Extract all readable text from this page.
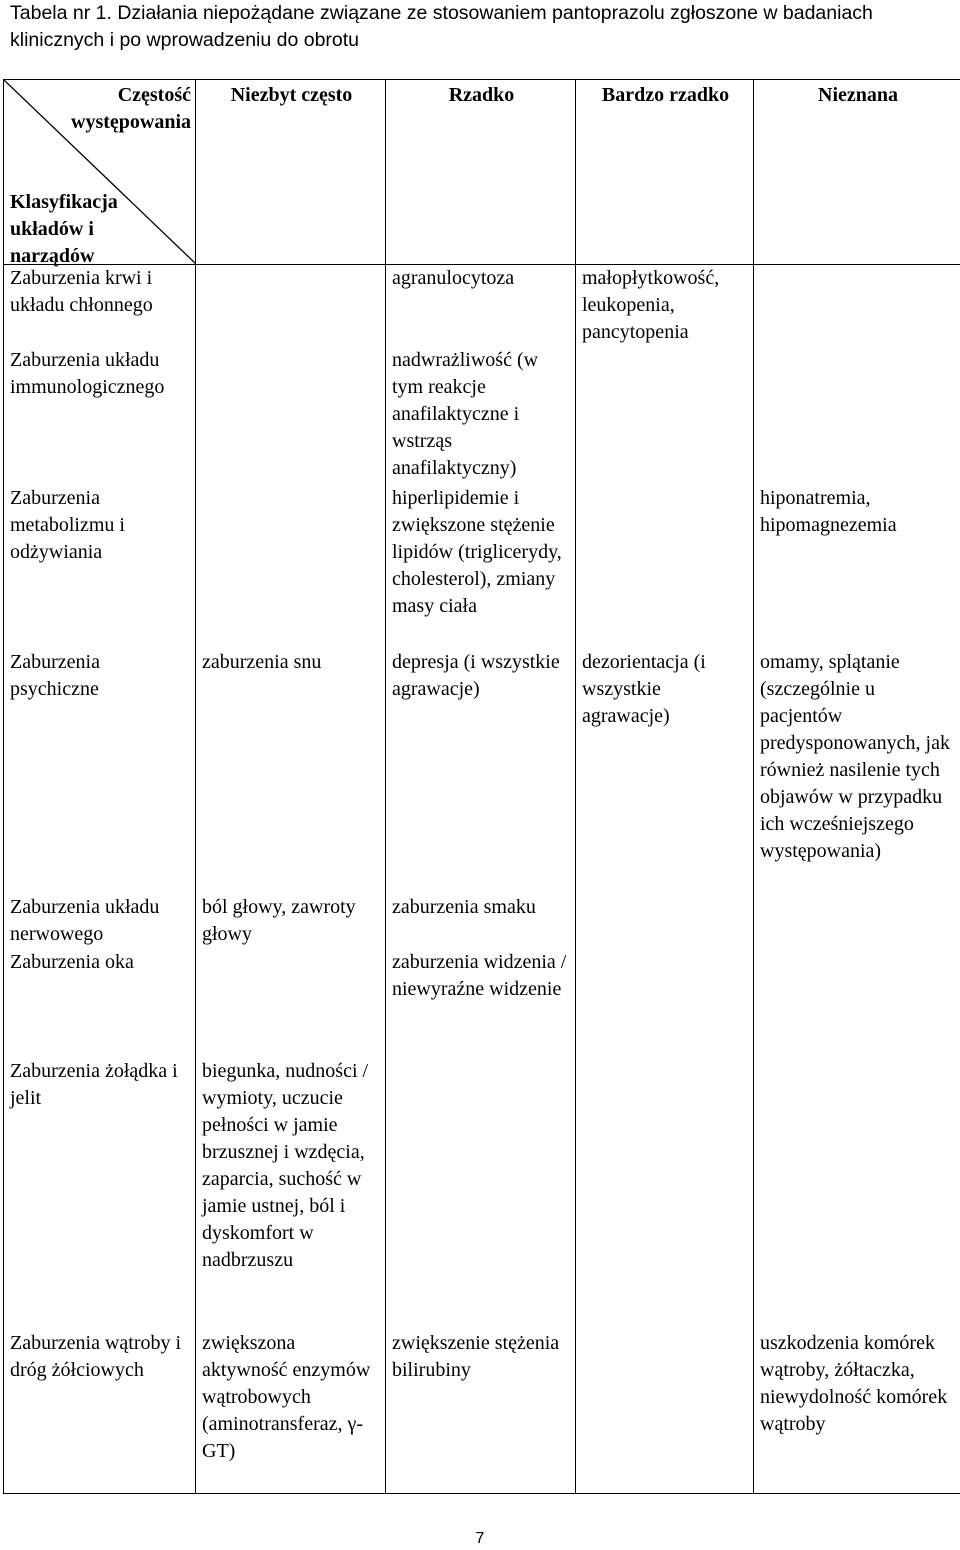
Tabela nr 1. Działania niepożądane związane ze stosowaniem pantoprazolu zgłoszone w badaniach klinicznych i po wprowadzeniu do obrotu
Częstość występowania
Klasyfikacja układów i narządów	Niezbyt często	Rzadko	Bardzo rzadko	Nieznana
Zaburzenia krwi i układu chłonnego		agranulocytoza	małopłytkowość, leukopenia, pancytopenia	
Zaburzenia układu immunologicznego		nadwrażliwość (w tym reakcje anafilaktyczne i wstrząs anafilaktyczny)		
Zaburzenia metabolizmu i odżywiania		hiperlipidemie i zwiększone stężenie lipidów (triglicerydy, cholesterol), zmiany masy ciała		hiponatremia, hipomagnezemia
Zaburzenia psychiczne	zaburzenia snu	depresja (i wszystkie agrawacje)	dezorientacja (i wszystkie agrawacje)	omamy, splątanie (szczególnie u pacjentów predysponowanych, jak również nasilenie tych objawów w przypadku ich wcześniejszego występowania)
Zaburzenia układu nerwowego	ból głowy, zawroty głowy	zaburzenia smaku		
Zaburzenia oka		zaburzenia widzenia / niewyraźne widzenie		
Zaburzenia żołądka i jelit	biegunka, nudności / wymioty, uczucie pełności w jamie brzusznej i wzdęcia, zaparcia, suchość w jamie ustnej, ból i dyskomfort w nadbrzuszu			
Zaburzenia wątroby i dróg żółciowych	zwiększona aktywność enzymów wątrobowych (aminotransferaz, γ-GT)	zwiększenie stężenia bilirubiny		uszkodzenia komórek wątroby, żółtaczka, niewydolność komórek wątroby
7
